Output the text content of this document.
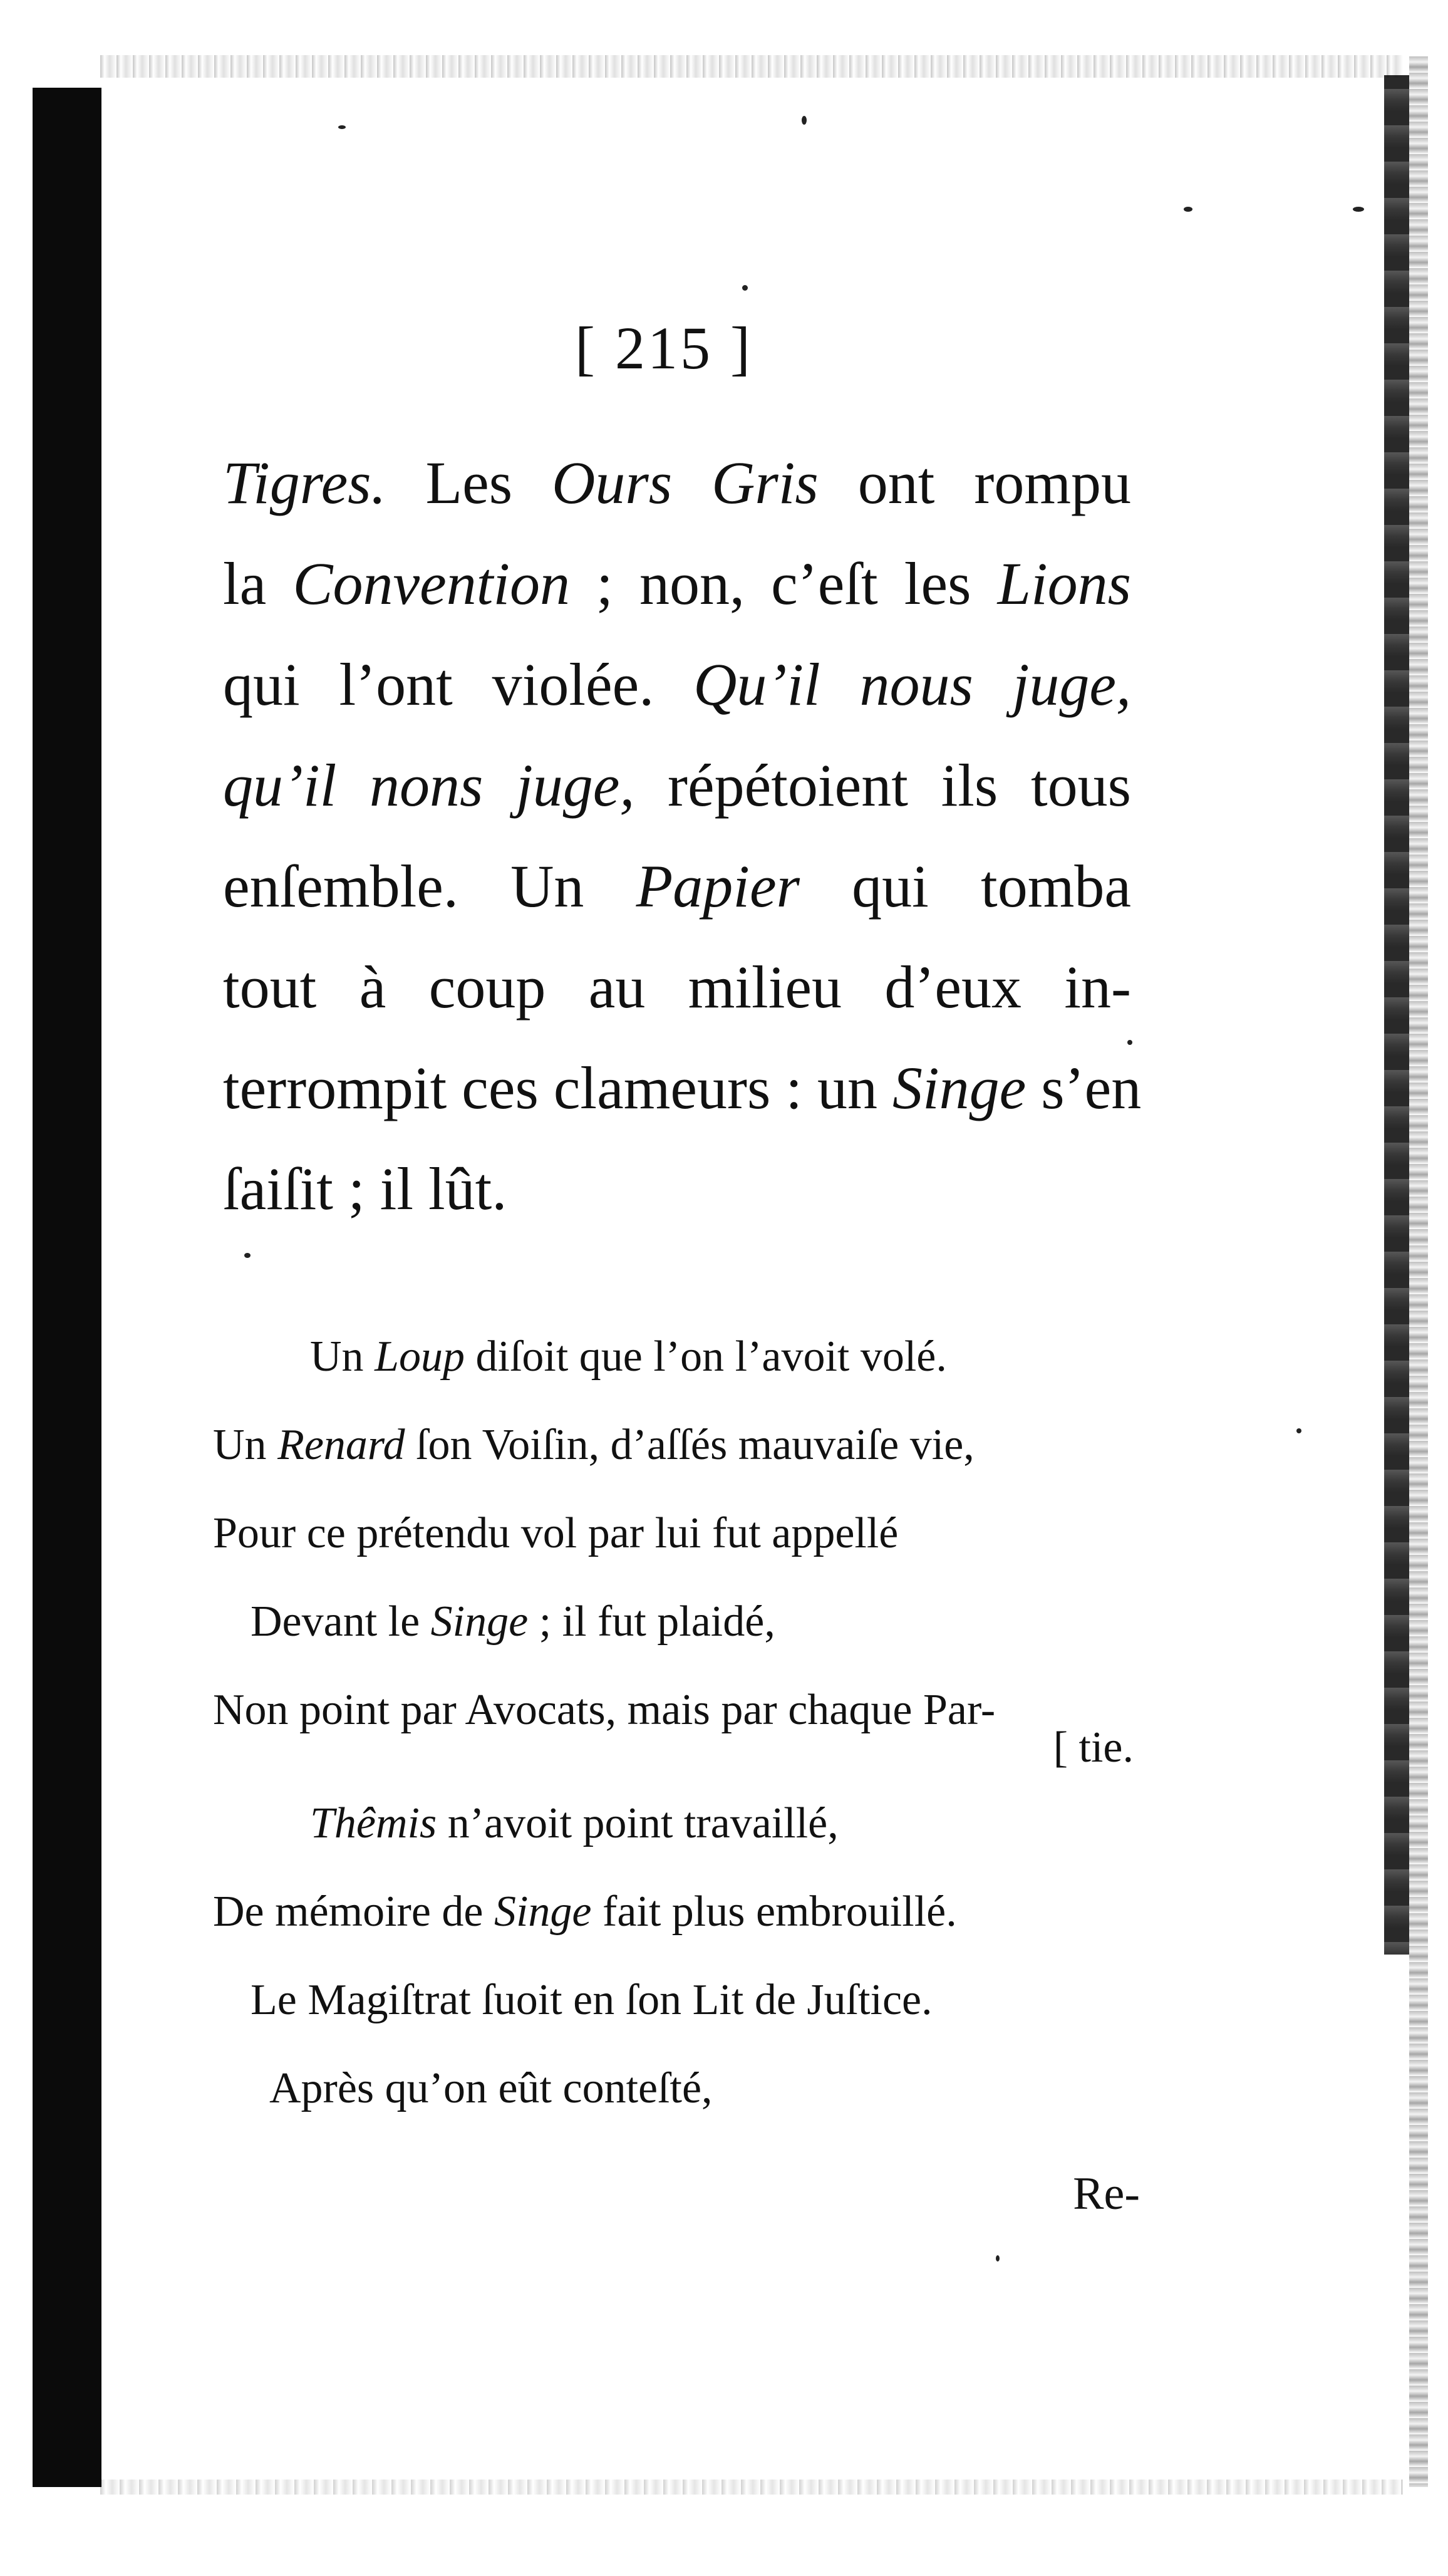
[ 215 ]
Tigres. Les Ours Gris ont rompu
la Convention ; non, c’eſt les Lions
qui l’ont violée. Qu’il nous juge,
qu’il nons juge, répétoient ils tous
enſemble. Un Papier qui tomba
tout à coup au milieu d’eux in-
terrompit ces clameurs : un Singe s’en
ſaiſit ; il lût.
Un Loup diſoit que l’on l’avoit volé.
Un Renard ſon Voiſin, d’aſſés mauvaiſe vie,
Pour ce prétendu vol par lui fut appellé
Devant le Singe ; il fut plaidé,
Non point par Avocats, mais par chaque Par-
[ tie.
Thêmis n’avoit point travaillé,
De mémoire de Singe fait plus embrouillé.
Le Magiſtrat ſuoit en ſon Lit de Juſtice.
Après qu’on eût conteſté,
Re-
